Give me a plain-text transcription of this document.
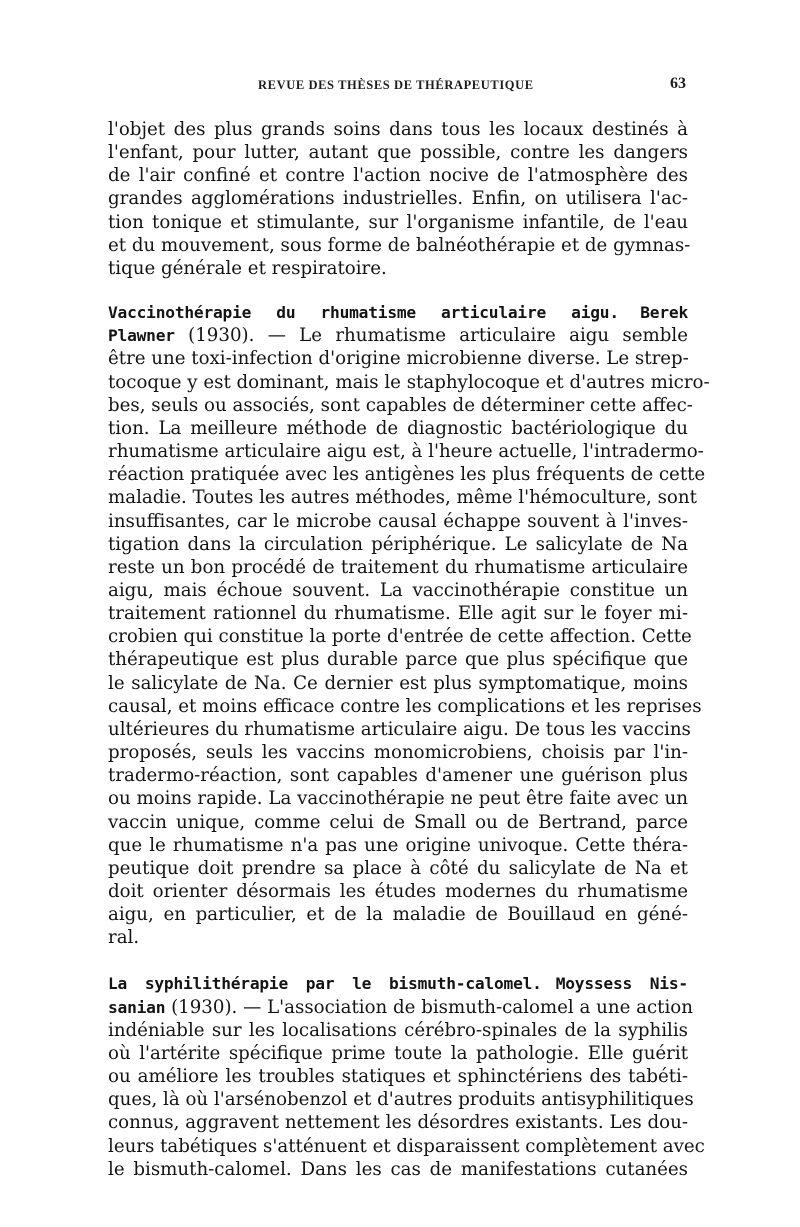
REVUE DES THÈSES DE THÉRAPEUTIQUE	63

l'objet des plus grands soins dans tous les locaux destinés à
l'enfant, pour lutter, autant que possible, contre les dangers
de l'air confiné et contre l'action nocive de l'atmosphère des
grandes agglomérations industrielles. Enfin, on utilisera l'ac-
tion tonique et stimulante, sur l'organisme infantile, de l'eau
et du mouvement, sous forme de balnéothérapie et de gymnas-
tique générale et respiratoire.

Vaccinothérapie du rhumatisme articulaire aigu. Berek
Plawner (1930). — Le rhumatisme articulaire aigu semble
être une toxi-infection d'origine microbienne diverse. Le strep-
tocoque y est dominant, mais le staphylocoque et d'autres micro-
bes, seuls ou associés, sont capables de déterminer cette affec-
tion. La meilleure méthode de diagnostic bactériologique du
rhumatisme articulaire aigu est, à l'heure actuelle, l'intradermo-
réaction pratiquée avec les antigènes les plus fréquents de cette
maladie. Toutes les autres méthodes, même l'hémoculture, sont
insuffisantes, car le microbe causal échappe souvent à l'inves-
tigation dans la circulation périphérique. Le salicylate de Na
reste un bon procédé de traitement du rhumatisme articulaire
aigu, mais échoue souvent. La vaccinothérapie constitue un
traitement rationnel du rhumatisme. Elle agit sur le foyer mi-
crobien qui constitue la porte d'entrée de cette affection. Cette
thérapeutique est plus durable parce que plus spécifique que
le salicylate de Na. Ce dernier est plus symptomatique, moins
causal, et moins efficace contre les complications et les reprises
ultérieures du rhumatisme articulaire aigu. De tous les vaccins
proposés, seuls les vaccins monomicrobiens, choisis par l'in-
tradermo-réaction, sont capables d'amener une guérison plus
ou moins rapide. La vaccinothérapie ne peut être faite avec un
vaccin unique, comme celui de Small ou de Bertrand, parce
que le rhumatisme n'a pas une origine univoque. Cette théra-
peutique doit prendre sa place à côté du salicylate de Na et
doit orienter désormais les études modernes du rhumatisme
aigu, en particulier, et de la maladie de Bouillaud en géné-
ral.

La syphilithérapie par le bismuth-calomel. Moyssess Nis-
sanian (1930). — L'association de bismuth-calomel a une action
indéniable sur les localisations cérébro-spinales de la syphilis
où l'artérite spécifique prime toute la pathologie. Elle guérit
ou améliore les troubles statiques et sphinctériens des tabéti-
ques, là où l'arsénobenzol et d'autres produits antisyphilitiques
connus, aggravent nettement les désordres existants. Les dou-
leurs tabétiques s'atténuent et disparaissent complètement avec
le bismuth-calomel. Dans les cas de manifestations cutanées
